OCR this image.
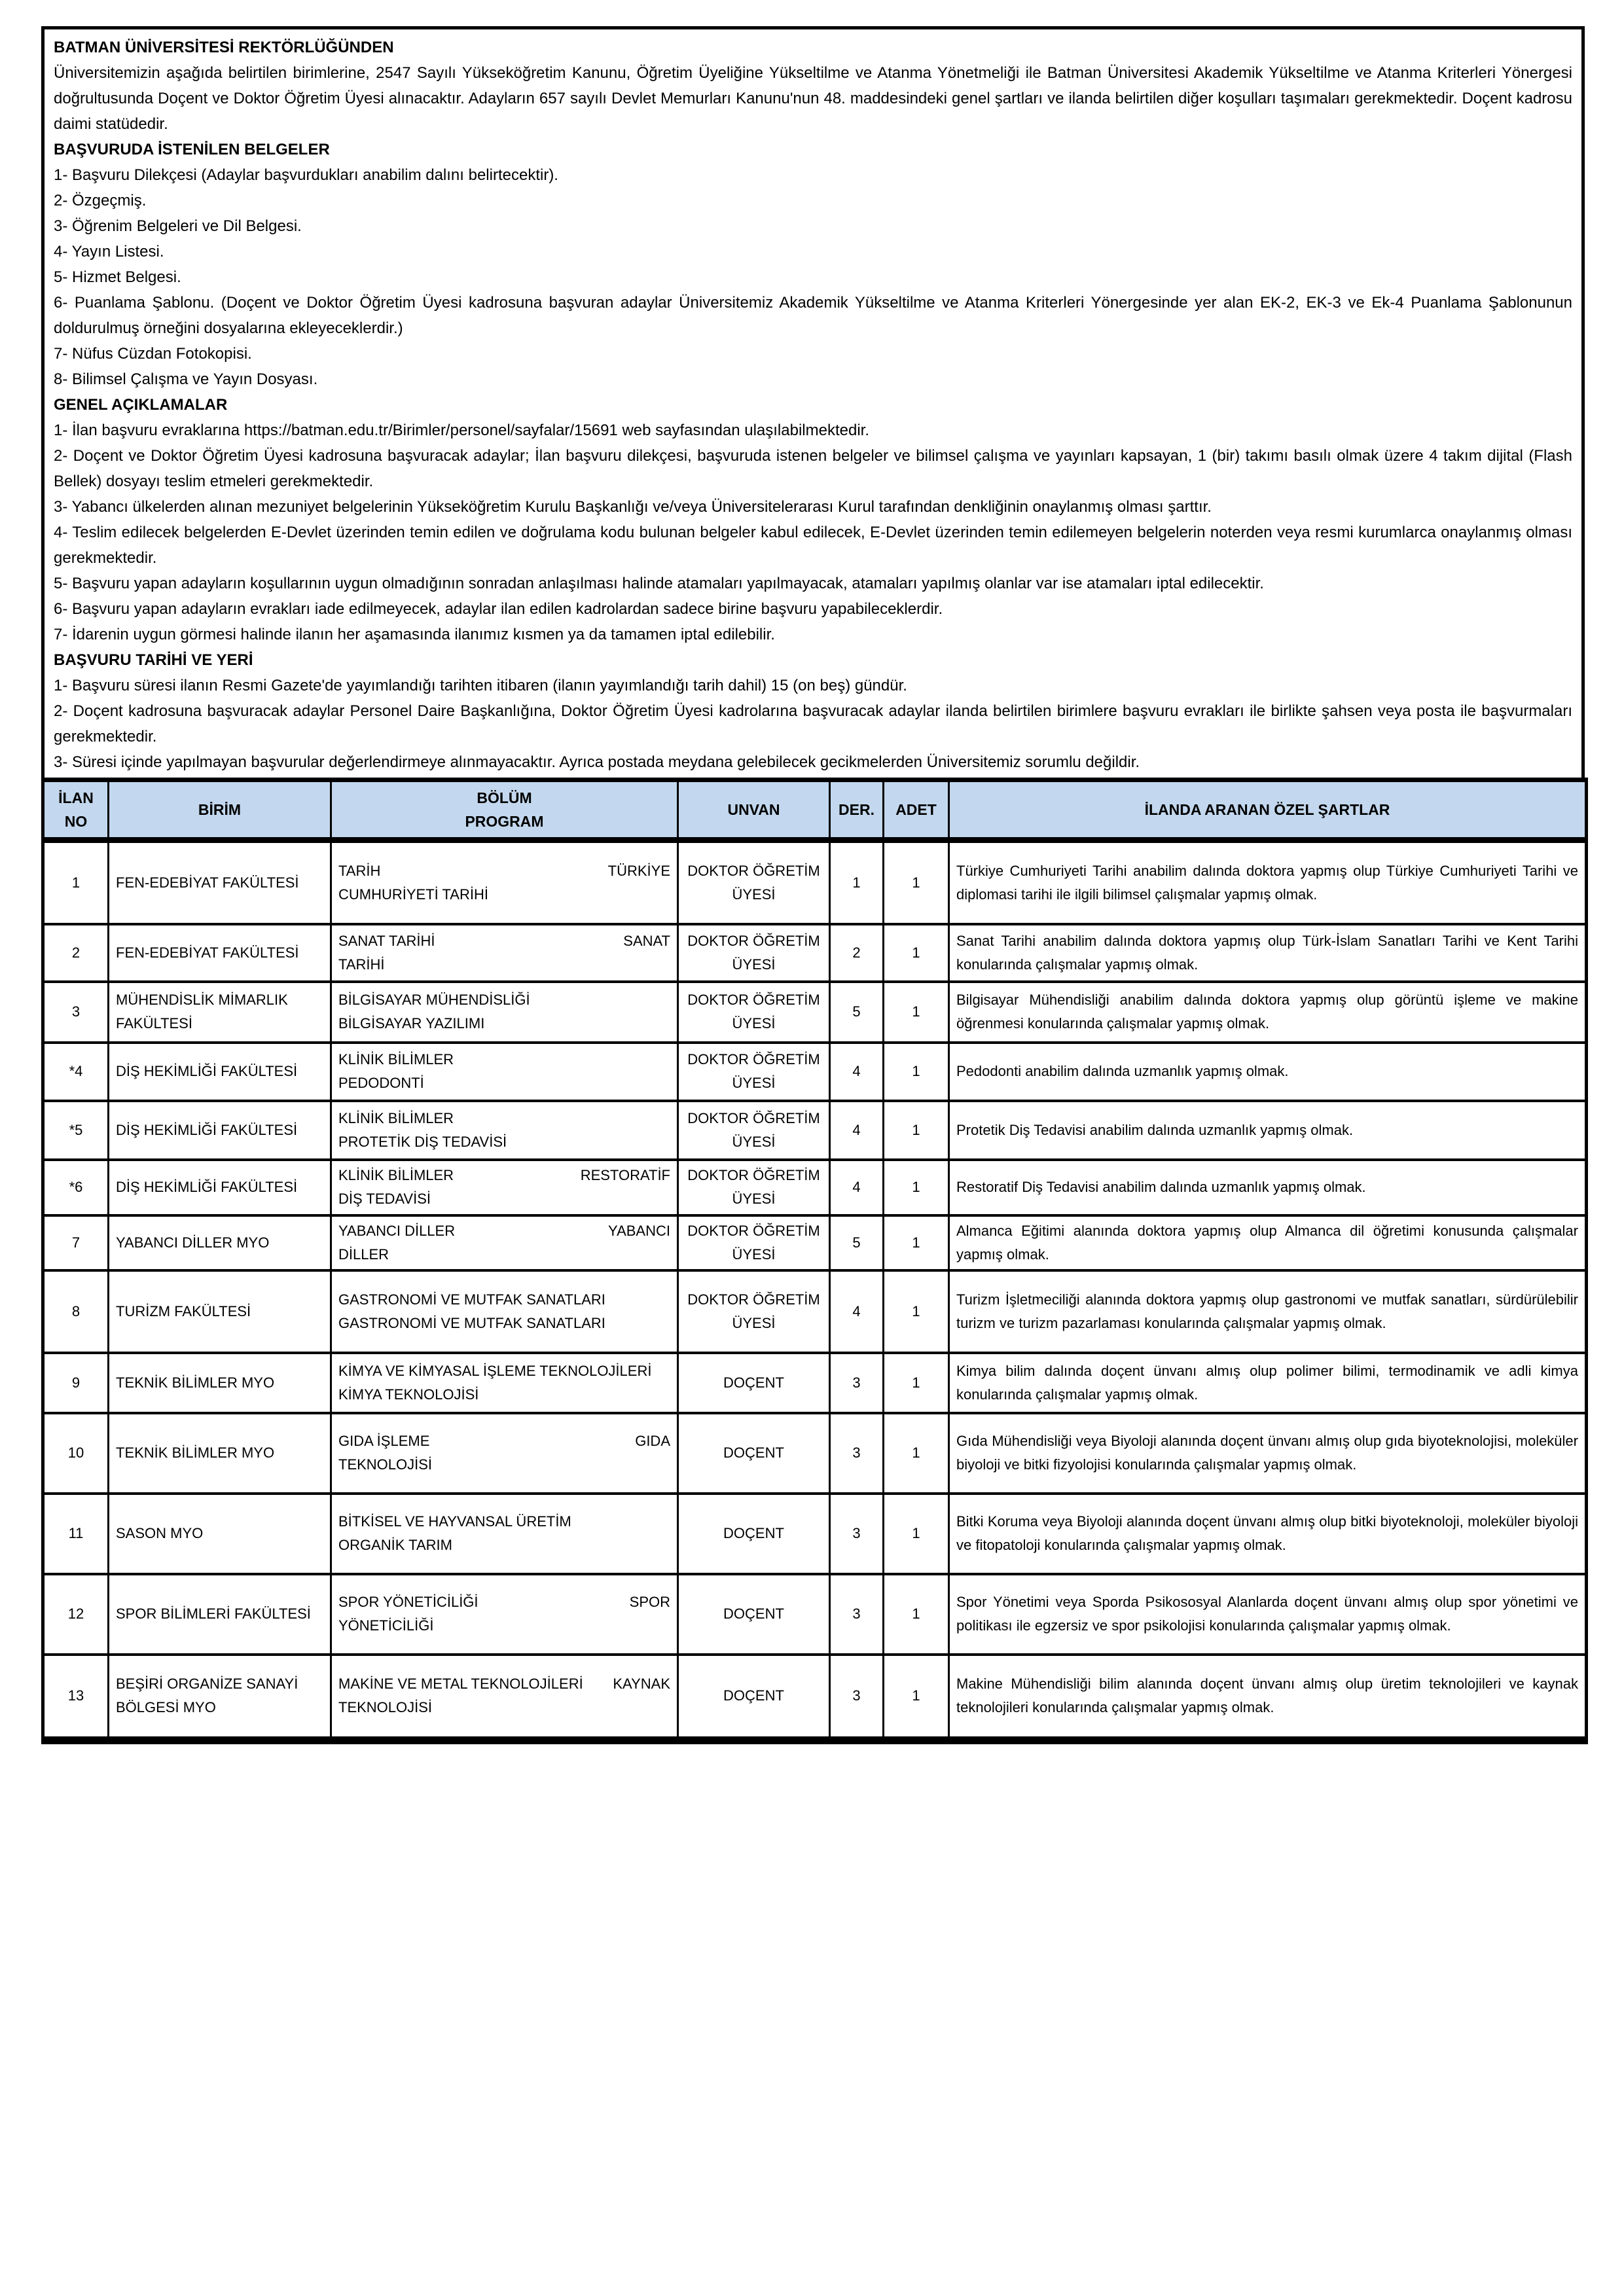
BATMAN ÜNİVERSİTESİ REKTÖRLÜĞÜNDEN

Üniversitemizin aşağıda belirtilen birimlerine, 2547 Sayılı Yükseköğretim Kanunu, Öğretim Üyeliğine Yükseltilme ve Atanma Yönetmeliği ile Batman Üniversitesi Akademik Yükseltilme ve Atanma Kriterleri Yönergesi doğrultusunda Doçent ve Doktor Öğretim Üyesi alınacaktır. Adayların 657 sayılı Devlet Memurları Kanunu'nun 48. maddesindeki genel şartları ve ilanda belirtilen diğer koşulları taşımaları gerekmektedir. Doçent kadrosu daimi statüdedir.

BAŞVURUDA İSTENİLEN BELGELER

1- Başvuru Dilekçesi (Adaylar başvurdukları anabilim dalını belirtecektir).

2- Özgeçmiş.

3- Öğrenim Belgeleri ve Dil Belgesi.

4- Yayın Listesi.

5- Hizmet Belgesi.

6- Puanlama Şablonu. (Doçent ve Doktor Öğretim Üyesi kadrosuna başvuran adaylar Üniversitemiz Akademik Yükseltilme ve Atanma Kriterleri Yönergesinde yer alan EK-2, EK-3 ve Ek-4 Puanlama Şablonunun doldurulmuş örneğini dosyalarına ekleyeceklerdir.)

7- Nüfus Cüzdan Fotokopisi.

8- Bilimsel Çalışma ve Yayın Dosyası.

GENEL AÇIKLAMALAR

1- İlan başvuru evraklarına https://batman.edu.tr/Birimler/personel/sayfalar/15691 web sayfasından ulaşılabilmektedir.

2- Doçent ve Doktor Öğretim Üyesi kadrosuna başvuracak adaylar; İlan başvuru dilekçesi, başvuruda istenen belgeler ve bilimsel çalışma ve yayınları kapsayan, 1 (bir) takımı basılı olmak üzere 4 takım dijital (Flash Bellek) dosyayı teslim etmeleri gerekmektedir.

3- Yabancı ülkelerden alınan mezuniyet belgelerinin Yükseköğretim Kurulu Başkanlığı ve/veya Üniversitelerarası Kurul tarafından denkliğinin onaylanmış olması şarttır.

4- Teslim edilecek belgelerden E-Devlet üzerinden temin edilen ve doğrulama kodu bulunan belgeler kabul edilecek, E-Devlet üzerinden temin edilemeyen belgelerin noterden veya resmi kurumlarca onaylanmış olması gerekmektedir.

5- Başvuru yapan adayların koşullarının uygun olmadığının sonradan anlaşılması halinde atamaları yapılmayacak, atamaları yapılmış olanlar var ise atamaları iptal edilecektir.

6- Başvuru yapan adayların evrakları iade edilmeyecek, adaylar ilan edilen kadrolardan sadece birine başvuru yapabileceklerdir.

7- İdarenin uygun görmesi halinde ilanın her aşamasında ilanımız kısmen ya da tamamen iptal edilebilir.

BAŞVURU TARİHİ VE YERİ

1- Başvuru süresi ilanın Resmi Gazete'de yayımlandığı tarihten itibaren (ilanın yayımlandığı tarih dahil) 15 (on beş) gündür.

2- Doçent kadrosuna başvuracak adaylar Personel Daire Başkanlığına, Doktor Öğretim Üyesi kadrolarına başvuracak adaylar ilanda belirtilen birimlere başvuru evrakları ile birlikte şahsen veya posta ile başvurmaları gerekmektedir.

3- Süresi içinde yapılmayan başvurular değerlendirmeye alınmayacaktır. Ayrıca postada meydana gelebilecek gecikmelerden Üniversitemiz sorumlu değildir.

İLAN NO	BİRİM	BÖLÜM PROGRAM	UNVAN	DER.	ADET	İLANDA ARANAN ÖZEL ŞARTLAR
1	FEN-EDEBİYAT FAKÜLTESİ	TARİH TÜRKİYE
CUMHURİYETİ TARİHİ	DOKTOR ÖĞRETİM ÜYESİ	1	1	Türkiye Cumhuriyeti Tarihi anabilim dalında doktora yapmış olup Türkiye Cumhuriyeti Tarihi ve diplomasi tarihi ile ilgili bilimsel çalışmalar yapmış olmak.
2	FEN-EDEBİYAT FAKÜLTESİ	SANAT TARİHİ SANAT
TARİHİ	DOKTOR ÖĞRETİM ÜYESİ	2	1	Sanat Tarihi anabilim dalında doktora yapmış olup Türk-İslam Sanatları Tarihi ve Kent Tarihi konularında çalışmalar yapmış olmak.
3	MÜHENDİSLİK MİMARLIK FAKÜLTESİ	BİLGİSAYAR MÜHENDİSLİĞİ
BİLGİSAYAR YAZILIMI	DOKTOR ÖĞRETİM ÜYESİ	5	1	Bilgisayar Mühendisliği anabilim dalında doktora yapmış olup görüntü işleme ve makine öğrenmesi konularında çalışmalar yapmış olmak.
*4	DİŞ HEKİMLİĞİ FAKÜLTESİ	KLİNİK BİLİMLER
PEDODONTİ	DOKTOR ÖĞRETİM ÜYESİ	4	1	Pedodonti anabilim dalında uzmanlık yapmış olmak.
*5	DİŞ HEKİMLİĞİ FAKÜLTESİ	KLİNİK BİLİMLER
PROTETİK DİŞ TEDAVİSİ	DOKTOR ÖĞRETİM ÜYESİ	4	1	Protetik Diş Tedavisi anabilim dalında uzmanlık yapmış olmak.
*6	DİŞ HEKİMLİĞİ FAKÜLTESİ	KLİNİK BİLİMLER RESTORATİF
DİŞ TEDAVİSİ	DOKTOR ÖĞRETİM ÜYESİ	4	1	Restoratif Diş Tedavisi anabilim dalında uzmanlık yapmış olmak.
7	YABANCI DİLLER MYO	YABANCI DİLLER YABANCI
DİLLER	DOKTOR ÖĞRETİM ÜYESİ	5	1	Almanca Eğitimi alanında doktora yapmış olup Almanca dil öğretimi konusunda çalışmalar yapmış olmak.
8	TURİZM FAKÜLTESİ	GASTRONOMİ VE MUTFAK SANATLARI
GASTRONOMİ VE MUTFAK SANATLARI	DOKTOR ÖĞRETİM ÜYESİ	4	1	Turizm İşletmeciliği alanında doktora yapmış olup gastronomi ve mutfak sanatları, sürdürülebilir turizm ve turizm pazarlaması konularında çalışmalar yapmış olmak.
9	TEKNİK BİLİMLER MYO	KİMYA VE KİMYASAL İŞLEME TEKNOLOJİLERİ
KİMYA TEKNOLOJİSİ	DOÇENT	3	1	Kimya bilim dalında doçent ünvanı almış olup polimer bilimi, termodinamik ve adli kimya konularında çalışmalar yapmış olmak.
10	TEKNİK BİLİMLER MYO	GIDA İŞLEME GIDA
TEKNOLOJİSİ	DOÇENT	3	1	Gıda Mühendisliği veya Biyoloji alanında doçent ünvanı almış olup gıda biyoteknolojisi, moleküler biyoloji ve bitki fizyolojisi konularında çalışmalar yapmış olmak.
11	SASON MYO	BİTKİSEL VE HAYVANSAL ÜRETİM
ORGANİK TARIM	DOÇENT	3	1	Bitki Koruma veya Biyoloji alanında doçent ünvanı almış olup bitki biyoteknoloji, moleküler biyoloji ve fitopatoloji konularında çalışmalar yapmış olmak.
12	SPOR BİLİMLERİ FAKÜLTESİ	SPOR YÖNETİCİLİĞİ SPOR
YÖNETİCİLİĞİ	DOÇENT	3	1	Spor Yönetimi veya Sporda Psikososyal Alanlarda doçent ünvanı almış olup spor yönetimi ve politikası ile egzersiz ve spor psikolojisi konularında çalışmalar yapmış olmak.
13	BEŞİRİ ORGANİZE SANAYİ BÖLGESİ MYO	MAKİNE VE METAL TEKNOLOJİLERİ KAYNAK
TEKNOLOJİSİ	DOÇENT	3	1	Makine Mühendisliği bilim alanında doçent ünvanı almış olup üretim teknolojileri ve kaynak teknolojileri konularında çalışmalar yapmış olmak.
